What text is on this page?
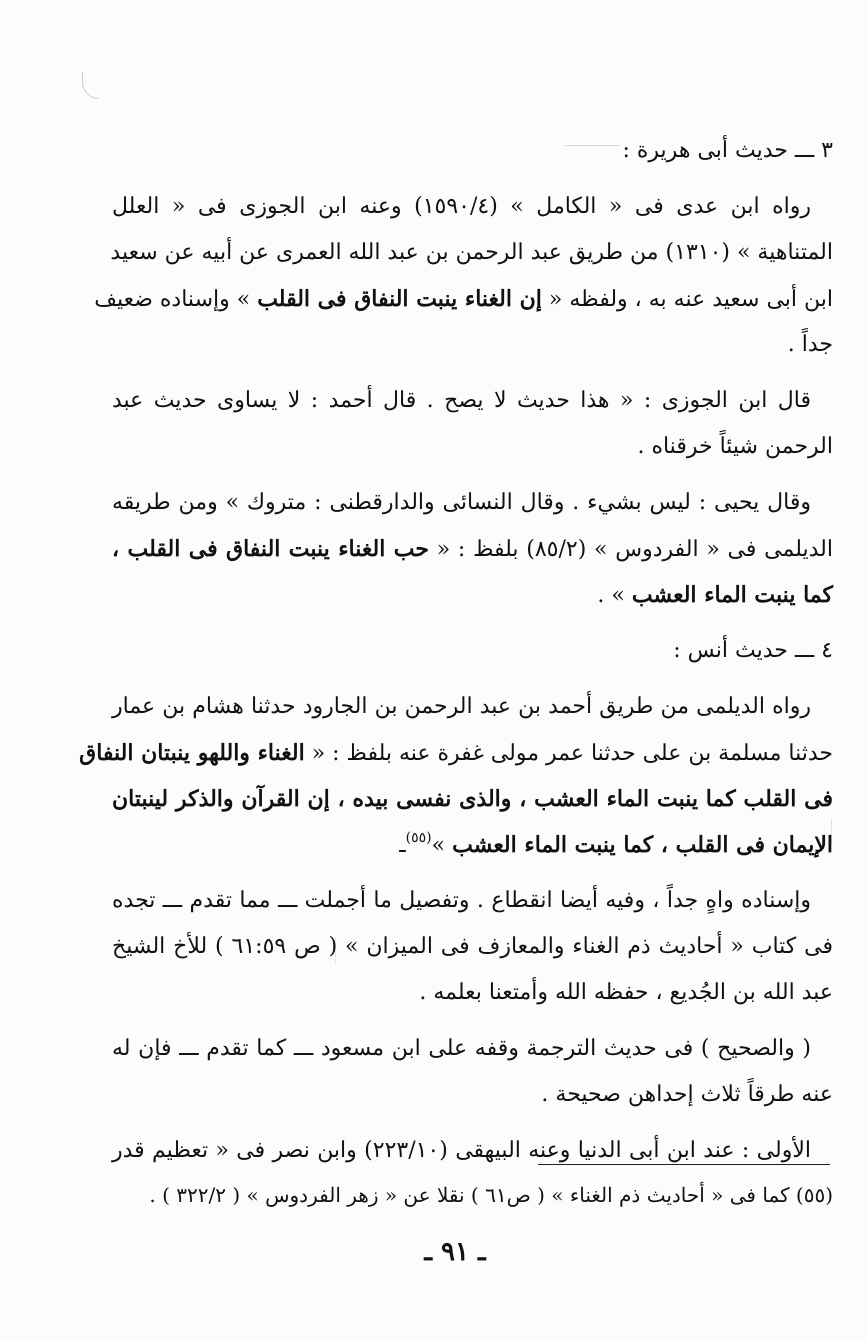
٣ ـــ حديث أبى هريرة :
رواه ابن عدى فى « الكامل » (١٥٩٠/٤) وعنه ابن الجوزى فى « العلل
المتناهية » (١٣١٠) من طريق عبد الرحمن بن عبد الله العمرى عن أبيه عن سعيد
ابن أبى سعيد عنه به ، ولفظه « إن الغناء ينبت النفاق فى القلب » وإسناده ضعيف
جداً .
قال ابن الجوزى : « هذا حديث لا يصح . قال أحمد : لا يساوى حديث عبد
الرحمن شيئاً خرقناه .
وقال يحيى : ليس بشيء . وقال النسائى والدارقطنى : متروك » ومن طريقه
الديلمى فى « الفردوس » (٨٥/٢) بلفظ : « حب الغناء ينبت النفاق فى القلب ،
كما ينبت الماء العشب » .
٤ ـــ حديث أنس :
رواه الديلمى من طريق أحمد بن عبد الرحمن بن الجارود حدثنا هشام بن عمار
حدثنا مسلمة بن على حدثنا عمر مولى غفرة عنه بلفظ : « الغناء واللهو ينبتان النفاق
فى القلب كما ينبت الماء العشب ، والذى نفسى بيده ، إن القرآن والذكر لينبتان
الإيمان فى القلب ، كما ينبت الماء العشب »$^{(٥٥)}$ـ
وإسناده واهٍ جداً ، وفيه أيضا انقطاع . وتفصيل ما أجملت ـــ مما تقدم ـــ تجده
فى كتاب « أحاديث ذم الغناء والمعازف فى الميزان » ( ص ٦١:٥٩ ) للأخ الشيخ
عبد الله بن الجُديع ، حفظه الله وأمتعنا بعلمه .
( والصحيح ) فى حديث الترجمة وقفه على ابن مسعود ـــ كما تقدم ـــ فإن له
عنه طرقاً ثلاث إحداهن صحيحة .
الأولى : عند ابن أبى الدنيا وعنه البيهقى (٢٢٣/١٠) وابن نصر فى « تعظيم قدر
(٥٥) كما فى « أحاديث ذم الغناء » ( ص٦١ ) نقلا عن « زهر الفردوس » ( ٣٢٢/٢ ) .
ـ ٩١ ـ
